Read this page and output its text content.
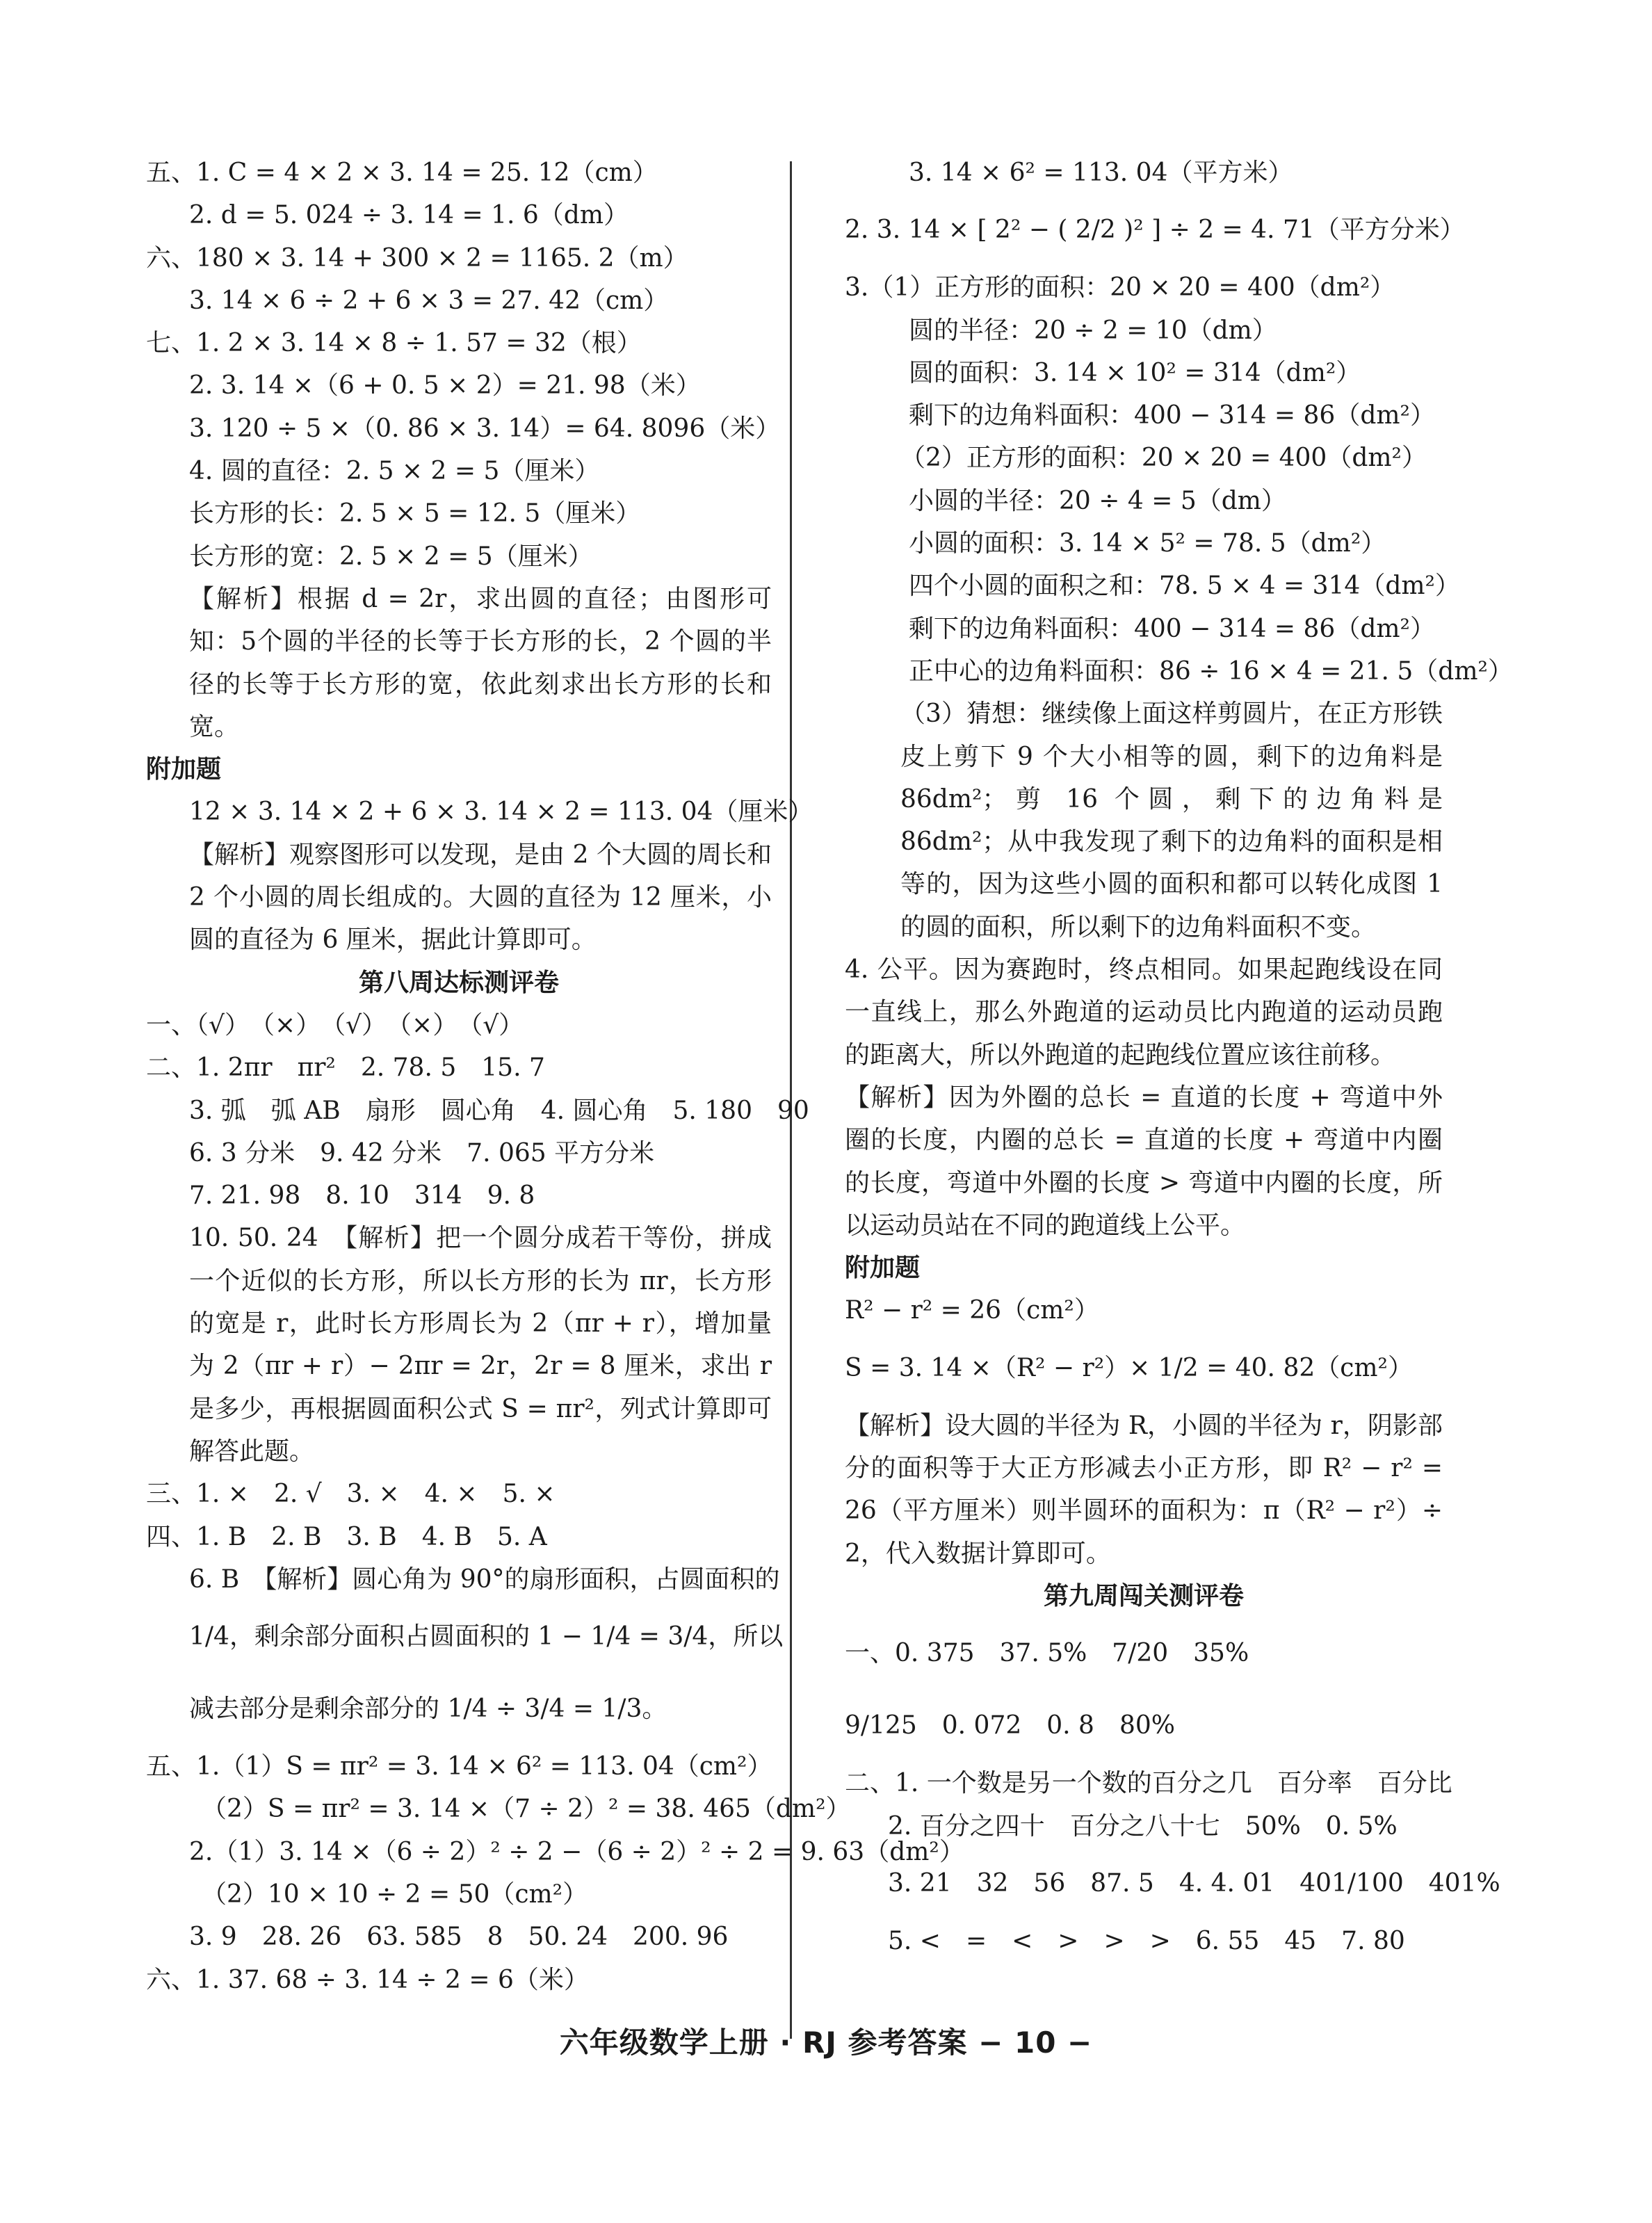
五、1. C = 4 × 2 × 3. 14 = 25. 12（cm）
2. d = 5. 024 ÷ 3. 14 = 1. 6（dm）
六、180 × 3. 14 + 300 × 2 = 1165. 2（m）
3. 14 × 6 ÷ 2 + 6 × 3 = 27. 42（cm）
七、1. 2 × 3. 14 × 8 ÷ 1. 57 = 32（根）
2. 3. 14 ×（6 + 0. 5 × 2）= 21. 98（米）
3. 120 ÷ 5 ×（0. 86 × 3. 14）= 64. 8096（米）
4. 圆的直径：2. 5 × 2 = 5（厘米）
长方形的长：2. 5 × 5 = 12. 5（厘米）
长方形的宽：2. 5 × 2 = 5（厘米）
【解析】根据 d = 2r，求出圆的直径；由图形可知：5个圆的半径的长等于长方形的长，2 个圆的半径的长等于长方形的宽，依此刻求出长方形的长和宽。
附加题
12 × 3. 14 × 2 + 6 × 3. 14 × 2 = 113. 04（厘米）
【解析】观察图形可以发现，是由 2 个大圆的周长和 2 个小圆的周长组成的。大圆的直径为 12 厘米，小圆的直径为 6 厘米，据此计算即可。
第八周达标测评卷
一、（√）　（×）　（√）　（×）　（√）
二、1. 2πr　πr²　2. 78. 5　15. 7
3. 弧　弧 AB　扇形　圆心角　4. 圆心角　5. 180　90
6. 3 分米　9. 42 分米　7. 065 平方分米
7. 21. 98　8. 10　314　9. 8
10. 50. 24　【解析】把一个圆分成若干等份，拼成一个近似的长方形，所以长方形的长为 πr，长方形的宽是 r，此时长方形周长为 2（πr + r），增加量为 2（πr + r）− 2πr = 2r，2r = 8 厘米，求出 r 是多少，再根据圆面积公式 S = πr²，列式计算即可解答此题。
三、1. ×　2. √　3. ×　4. ×　5. ×
四、1. B　2. B　3. B　4. B　5. A
6. B　【解析】圆心角为 90°的扇形面积，占圆面积的
1/4，剩余部分面积占圆面积的 1 − 1/4 = 3/4，所以
减去部分是剩余部分的 1/4 ÷ 3/4 = 1/3。
五、1.（1）S = πr² = 3. 14 × 6² = 113. 04（cm²）
（2）S = πr² = 3. 14 ×（7 ÷ 2）² = 38. 465（dm²）
2.（1）3. 14 ×（6 ÷ 2）² ÷ 2 −（6 ÷ 2）² ÷ 2 = 9. 63（dm²）
（2）10 × 10 ÷ 2 = 50（cm²）
3. 9　28. 26　63. 585　8　50. 24　200. 96
六、1. 37. 68 ÷ 3. 14 ÷ 2 = 6（米）
3. 14 × 6² = 113. 04（平方米）
2. 3. 14 × [ 2² − ( 2/2 )² ] ÷ 2 = 4. 71（平方分米）
3.（1）正方形的面积：20 × 20 = 400（dm²）
圆的半径：20 ÷ 2 = 10（dm）
圆的面积：3. 14 × 10² = 314（dm²）
剩下的边角料面积：400 − 314 = 86（dm²）
（2）正方形的面积：20 × 20 = 400（dm²）
小圆的半径：20 ÷ 4 = 5（dm）
小圆的面积：3. 14 × 5² = 78. 5（dm²）
四个小圆的面积之和：78. 5 × 4 = 314（dm²）
剩下的边角料面积：400 − 314 = 86（dm²）
正中心的边角料面积：86 ÷ 16 × 4 = 21. 5（dm²）
（3）猜想：继续像上面这样剪圆片，在正方形铁皮上剪下 9 个大小相等的圆，剩下的边角料是 86dm²；剪 16 个圆，剩下的边角料是 86dm²；从中我发现了剩下的边角料的面积是相等的，因为这些小圆的面积和都可以转化成图 1 的圆的面积，所以剩下的边角料面积不变。
4. 公平。因为赛跑时，终点相同。如果起跑线设在同一直线上，那么外跑道的运动员比内跑道的运动员跑的距离大，所以外跑道的起跑线位置应该往前移。
【解析】因为外圈的总长 = 直道的长度 + 弯道中外圈的长度，内圈的总长 = 直道的长度 + 弯道中内圈的长度，弯道中外圈的长度 > 弯道中内圈的长度，所以运动员站在不同的跑道线上公平。
附加题
R² − r² = 26（cm²）
S = 3. 14 ×（R² − r²）× 1/2 = 40. 82（cm²）
【解析】设大圆的半径为 R，小圆的半径为 r，阴影部分的面积等于大正方形减去小正方形，即 R² − r² = 26（平方厘米）则半圆环的面积为：π（R² − r²）÷ 2，代入数据计算即可。
第九周闯关测评卷
一、0. 375　37. 5%　7/20　35%
9/125　0. 072　0. 8　80%
二、1. 一个数是另一个数的百分之几　百分率　百分比
2. 百分之四十　百分之八十七　50%　0. 5%
3. 21　32　56　87. 5　4. 4. 01　401/100　401%
5. <　=　<　>　>　>　6. 55　45　7. 80
六年级数学上册 · RJ 参考答案 − 10 −
